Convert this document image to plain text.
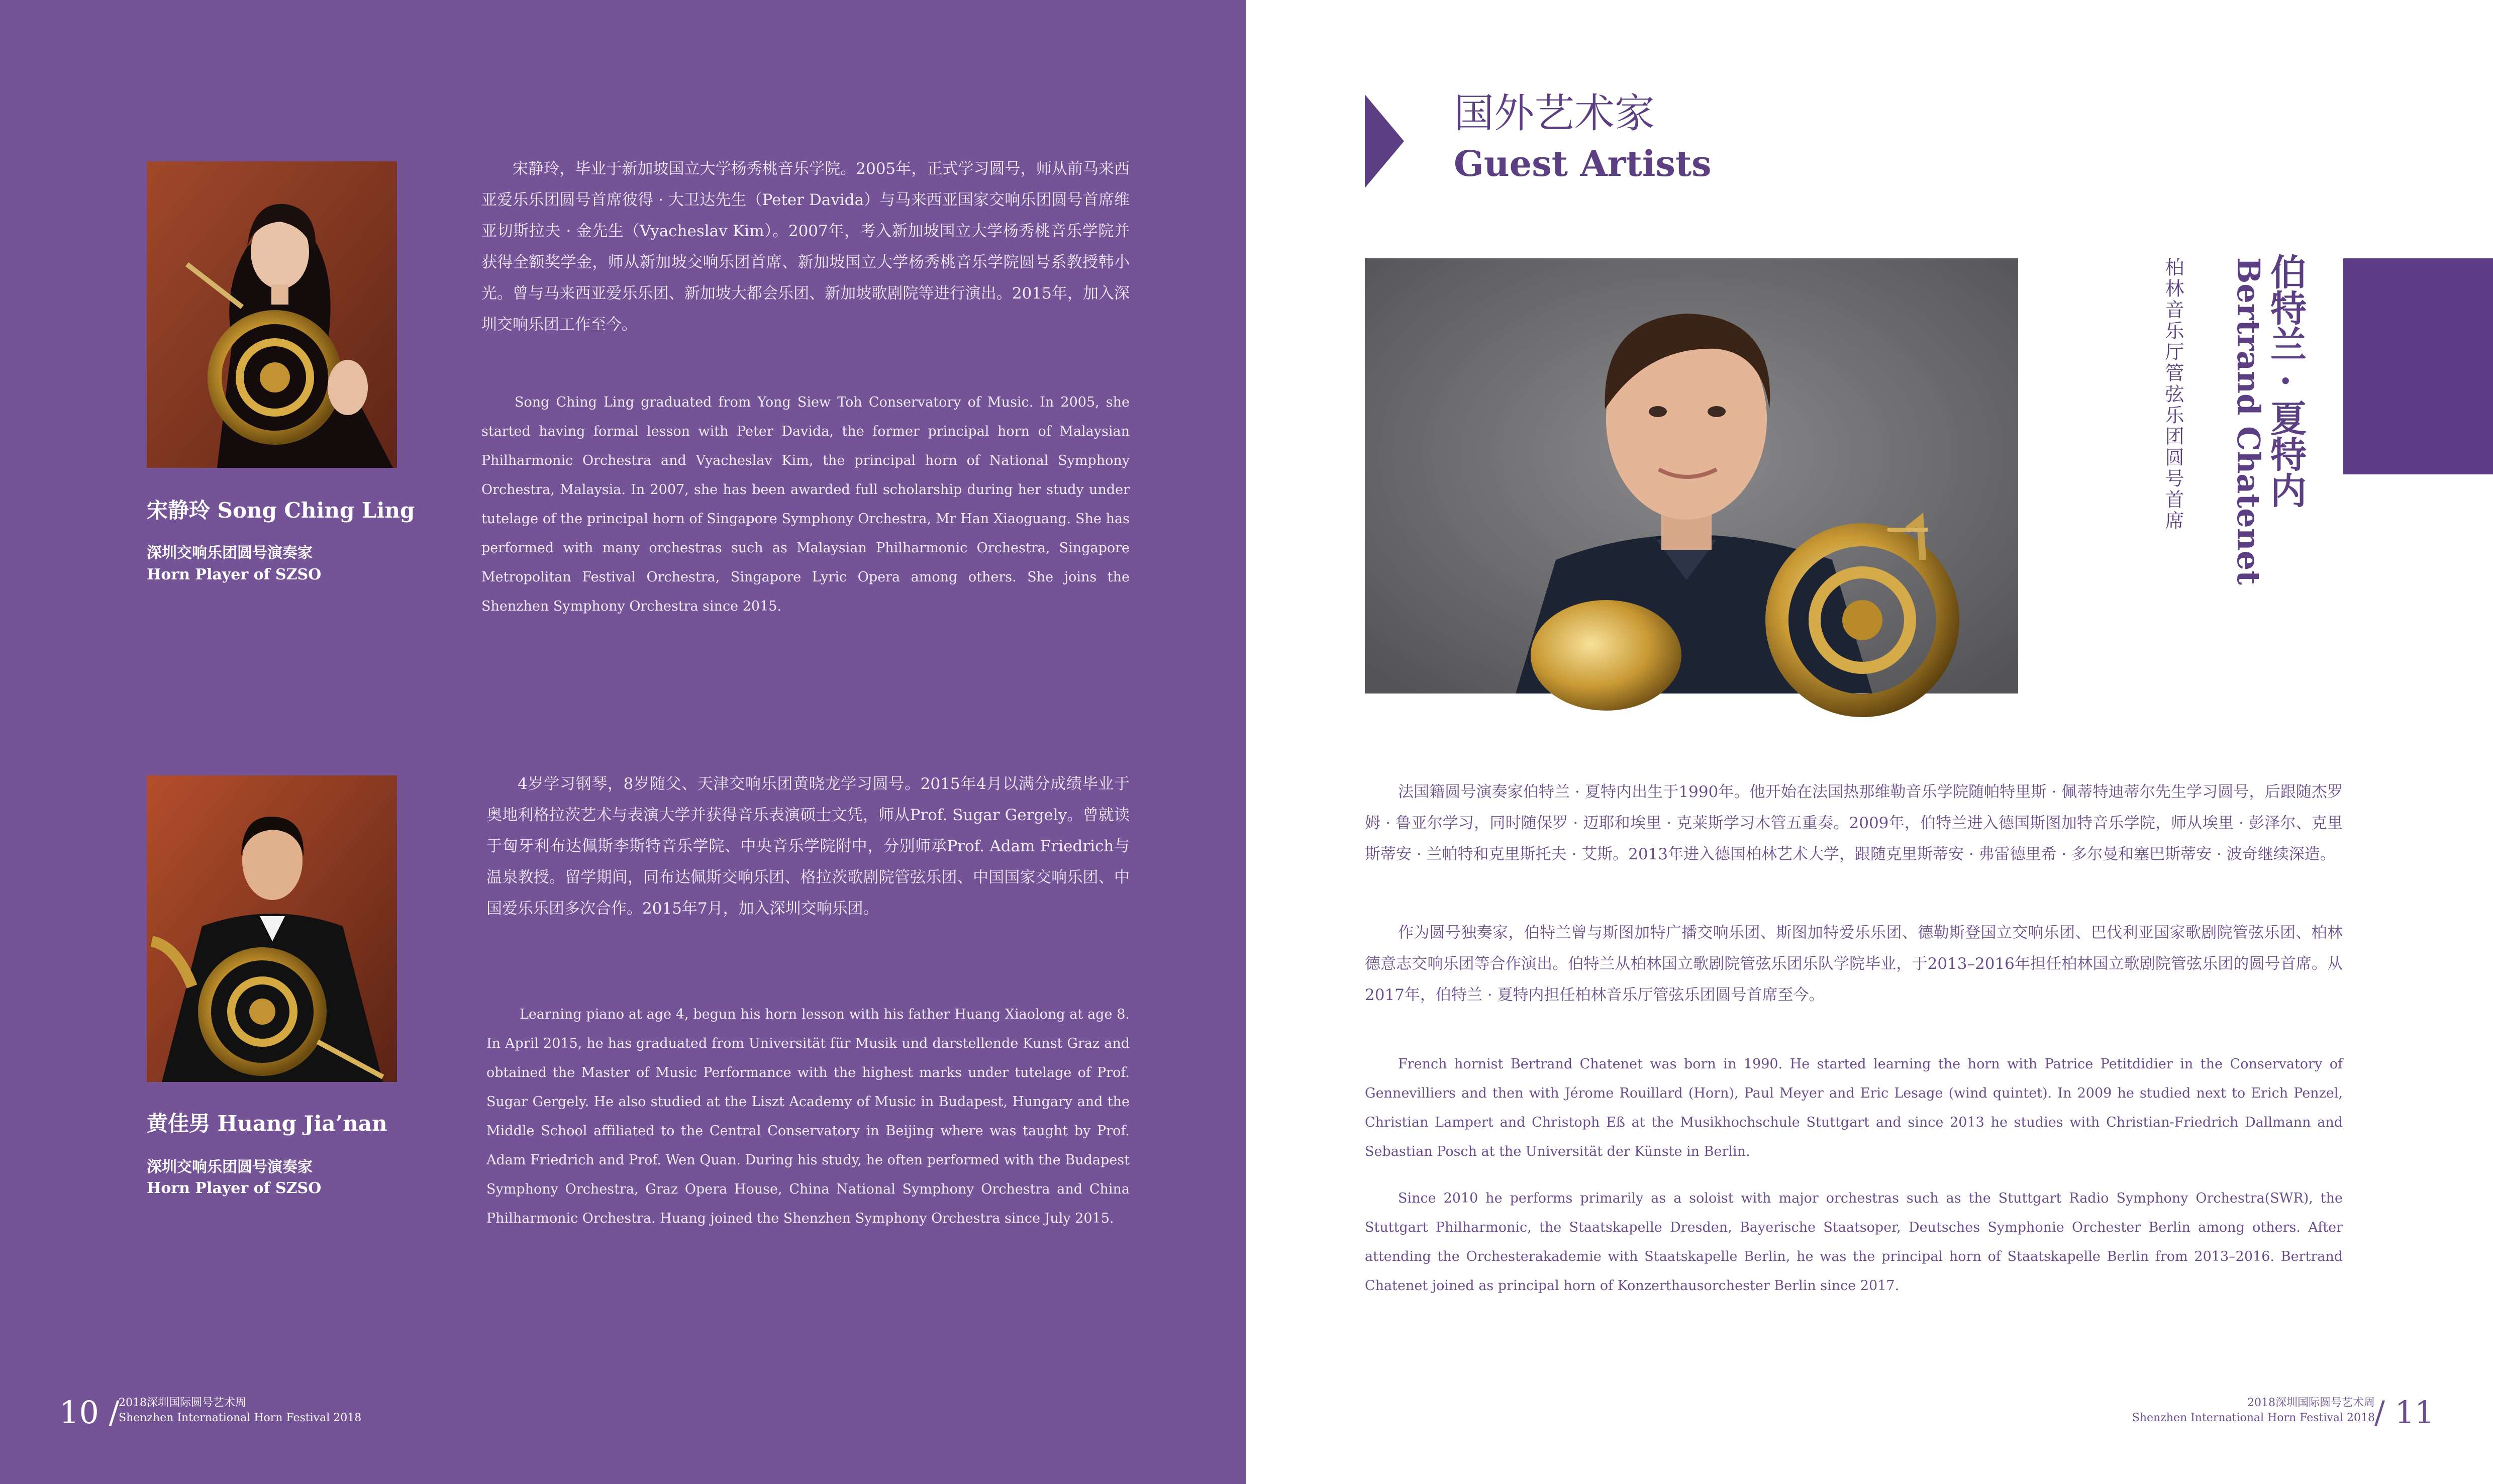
宋静玲 Song Ching Ling
深圳交响乐团圆号演奏家
Horn Player of SZSO

宋静玲，毕业于新加坡国立大学杨秀桃音乐学院。2005年，正式学习圆号，师从前马来西亚爱乐乐团圆号首席彼得 · 大卫达先生（Peter Davida）与马来西亚国家交响乐团圆号首席维亚切斯拉夫 · 金先生（Vyacheslav Kim）。2007年，考入新加坡国立大学杨秀桃音乐学院并获得全额奖学金，师从新加坡交响乐团首席、新加坡国立大学杨秀桃音乐学院圆号系教授韩小光。曾与马来西亚爱乐乐团、新加坡大都会乐团、新加坡歌剧院等进行演出。2015年，加入深圳交响乐团工作至今。

Song Ching Ling graduated from Yong Siew Toh Conservatory of Music. In 2005, she started having formal lesson with Peter Davida, the former principal horn of Malaysian Philharmonic Orchestra and Vyacheslav Kim, the principal horn of National Symphony Orchestra, Malaysia. In 2007, she has been awarded full scholarship during her study under tutelage of the principal horn of Singapore Symphony Orchestra, Mr Han Xiaoguang. She has performed with many orchestras such as Malaysian Philharmonic Orchestra, Singapore Metropolitan Festival Orchestra, Singapore Lyric Opera among others. She joins the Shenzhen Symphony Orchestra since 2015.

黄佳男 Huang Jia’nan
深圳交响乐团圆号演奏家
Horn Player of SZSO

4岁学习钢琴，8岁随父、天津交响乐团黄晓龙学习圆号。2015年4月以满分成绩毕业于奥地利格拉茨艺术与表演大学并获得音乐表演硕士文凭，师从Prof. Sugar Gergely。曾就读于匈牙利布达佩斯李斯特音乐学院、中央音乐学院附中，分别师承Prof. Adam Friedrich与温泉教授。留学期间，同布达佩斯交响乐团、格拉茨歌剧院管弦乐团、中国国家交响乐团、中国爱乐乐团多次合作。2015年7月，加入深圳交响乐团。

Learning piano at age 4, begun his horn lesson with his father Huang Xiaolong at age 8. In April 2015, he has graduated from Universität für Musik und darstellende Kunst Graz and obtained the Master of Music Performance with the highest marks under tutelage of Prof. Sugar Gergely. He also studied at the Liszt Academy of Music in Budapest, Hungary and the Middle School affiliated to the Central Conservatory in Beijing where was taught by Prof. Adam Friedrich and Prof. Wen Quan. During his study, he often performed with the Budapest Symphony Orchestra, Graz Opera House, China National Symphony Orchestra and China Philharmonic Orchestra. Huang joined the Shenzhen Symphony Orchestra since July 2015.

10 /
2018深圳国际圆号艺术周
Shenzhen International Horn Festival 2018
国外艺术家
Guest Artists
伯特兰 · 夏特内
Bertrand Chatenet
柏林音乐厅管弦乐团圆号首席

法国籍圆号演奏家伯特兰 · 夏特内出生于1990年。他开始在法国热那维勒音乐学院随帕特里斯 · 佩蒂特迪蒂尔先生学习圆号，后跟随杰罗姆 · 鲁亚尔学习，同时随保罗 · 迈耶和埃里 · 克莱斯学习木管五重奏。2009年，伯特兰进入德国斯图加特音乐学院，师从埃里 · 彭泽尔、克里斯蒂安 · 兰帕特和克里斯托夫 · 艾斯。2013年进入德国柏林艺术大学，跟随克里斯蒂安 · 弗雷德里希 · 多尔曼和塞巴斯蒂安 · 波奇继续深造。

作为圆号独奏家，伯特兰曾与斯图加特广播交响乐团、斯图加特爱乐乐团、德勒斯登国立交响乐团、巴伐利亚国家歌剧院管弦乐团、柏林德意志交响乐团等合作演出。伯特兰从柏林国立歌剧院管弦乐团乐队学院毕业，于2013–2016年担任柏林国立歌剧院管弦乐团的圆号首席。从2017年，伯特兰 · 夏特内担任柏林音乐厅管弦乐团圆号首席至今。

French hornist Bertrand Chatenet was born in 1990. He started learning the horn with Patrice Petitdidier in the Conservatory of Gennevilliers and then with Jérome Rouillard (Horn), Paul Meyer and Eric Lesage (wind quintet). In 2009 he studied next to Erich Penzel, Christian Lampert and Christoph Eß at the Musikhochschule Stuttgart and since 2013 he studies with Christian-Friedrich Dallmann and Sebastian Posch at the Universität der Künste in Berlin.

Since 2010 he performs primarily as a soloist with major orchestras such as the Stuttgart Radio Symphony Orchestra(SWR), the Stuttgart Philharmonic, the Staatskapelle Dresden, Bayerische Staatsoper, Deutsches Symphonie Orchester Berlin among others. After attending the Orchesterakademie with Staatskapelle Berlin, he was the principal horn of Staatskapelle Berlin from 2013–2016. Bertrand Chatenet joined as principal horn of Konzerthausorchester Berlin since 2017.

2018深圳国际圆号艺术周
Shenzhen International Horn Festival 2018 / 11
